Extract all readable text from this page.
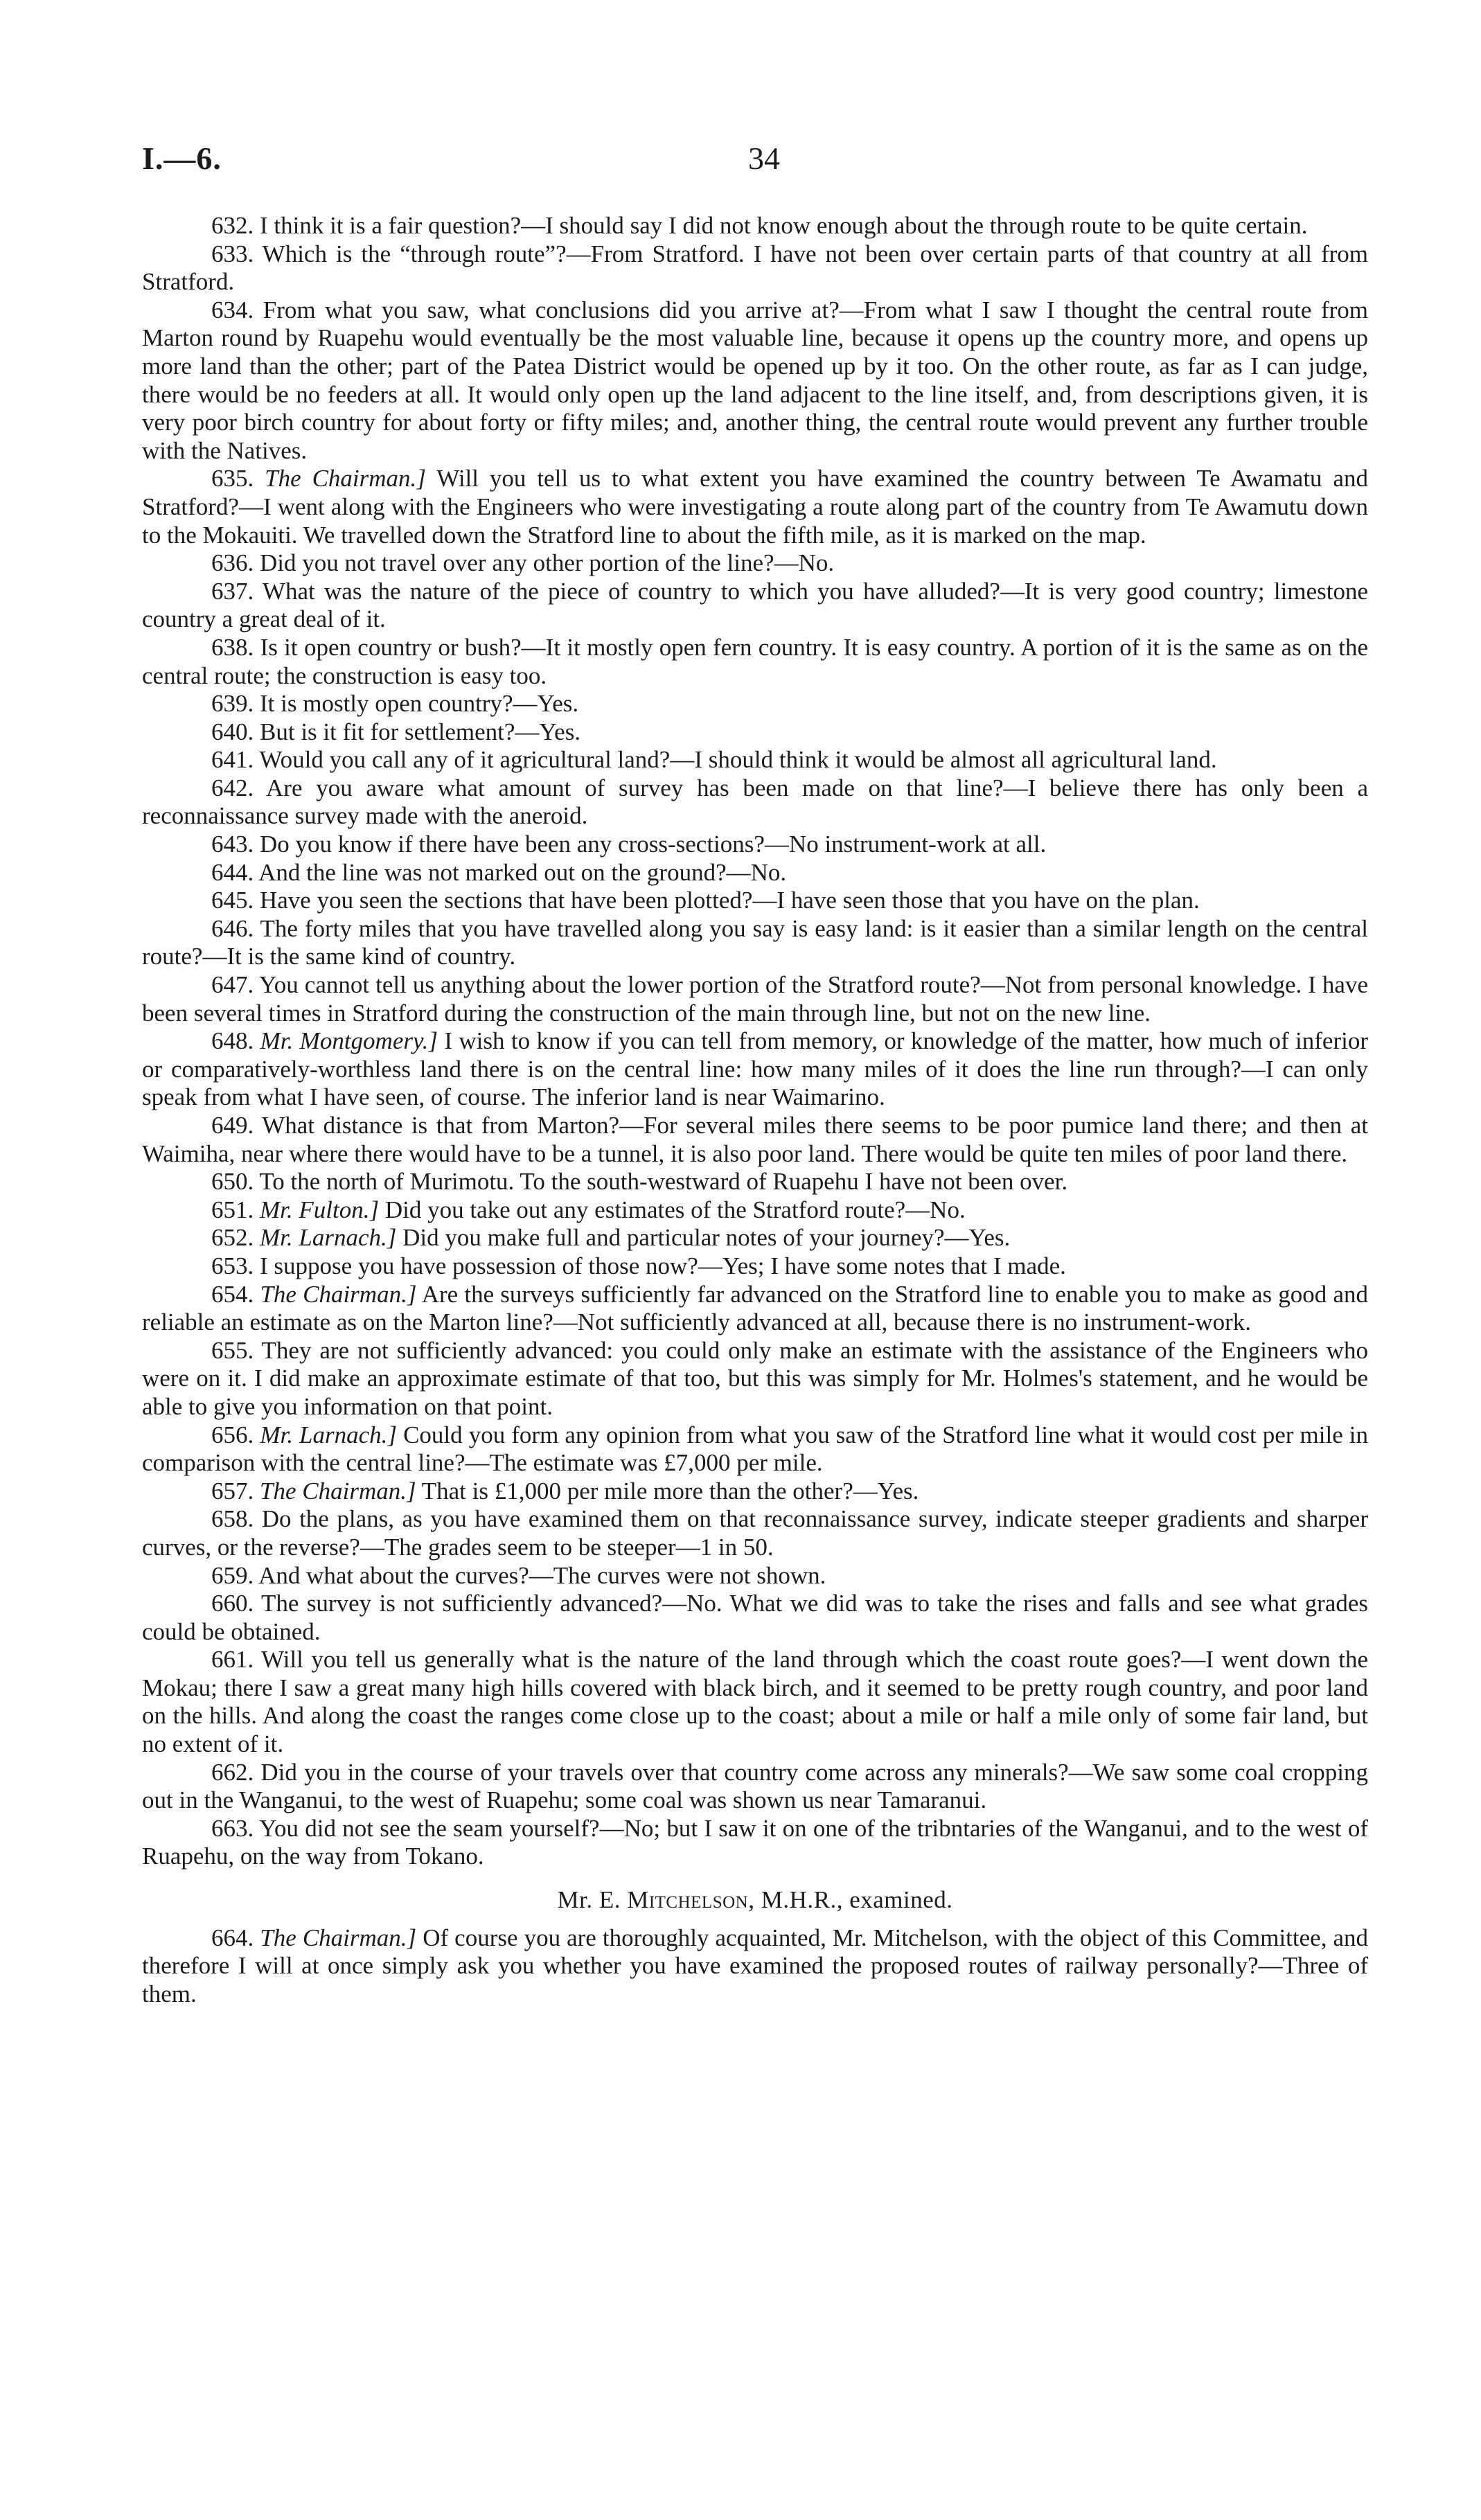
I.—6.	34

632. I think it is a fair question?—I should say I did not know enough about the through route to be quite certain.

633. Which is the “through route”?—From Stratford. I have not been over certain parts of that country at all from Stratford.

634. From what you saw, what conclusions did you arrive at?—From what I saw I thought the central route from Marton round by Ruapehu would eventually be the most valuable line, because it opens up the country more, and opens up more land than the other; part of the Patea District would be opened up by it too. On the other route, as far as I can judge, there would be no feeders at all. It would only open up the land adjacent to the line itself, and, from descriptions given, it is very poor birch country for about forty or fifty miles; and, another thing, the central route would prevent any further trouble with the Natives.

635. The Chairman.] Will you tell us to what extent you have examined the country between Te Awamatu and Stratford?—I went along with the Engineers who were investigating a route along part of the country from Te Awamutu down to the Mokauiti. We travelled down the Stratford line to about the fifth mile, as it is marked on the map.

636. Did you not travel over any other portion of the line?—No.

637. What was the nature of the piece of country to which you have alluded?—It is very good country; limestone country a great deal of it.

638. Is it open country or bush?—It it mostly open fern country. It is easy country. A portion of it is the same as on the central route; the construction is easy too.

639. It is mostly open country?—Yes.

640. But is it fit for settlement?—Yes.

641. Would you call any of it agricultural land?—I should think it would be almost all agricultural land.

642. Are you aware what amount of survey has been made on that line?—I believe there has only been a reconnaissance survey made with the aneroid.

643. Do you know if there have been any cross-sections?—No instrument-work at all.

644. And the line was not marked out on the ground?—No.

645. Have you seen the sections that have been plotted?—I have seen those that you have on the plan.

646. The forty miles that you have travelled along you say is easy land: is it easier than a similar length on the central route?—It is the same kind of country.

647. You cannot tell us anything about the lower portion of the Stratford route?—Not from personal knowledge. I have been several times in Stratford during the construction of the main through line, but not on the new line.

648. Mr. Montgomery.] I wish to know if you can tell from memory, or knowledge of the matter, how much of inferior or comparatively-worthless land there is on the central line: how many miles of it does the line run through?—I can only speak from what I have seen, of course. The inferior land is near Waimarino.

649. What distance is that from Marton?—For several miles there seems to be poor pumice land there; and then at Waimiha, near where there would have to be a tunnel, it is also poor land. There would be quite ten miles of poor land there.

650. To the north of Murimotu. To the south-westward of Ruapehu I have not been over.

651. Mr. Fulton.] Did you take out any estimates of the Stratford route?—No.

652. Mr. Larnach.] Did you make full and particular notes of your journey?—Yes.

653. I suppose you have possession of those now?—Yes; I have some notes that I made.

654. The Chairman.] Are the surveys sufficiently far advanced on the Stratford line to enable you to make as good and reliable an estimate as on the Marton line?—Not sufficiently advanced at all, because there is no instrument-work.

655. They are not sufficiently advanced: you could only make an estimate with the assistance of the Engineers who were on it. I did make an approximate estimate of that too, but this was simply for Mr. Holmes's statement, and he would be able to give you information on that point.

656. Mr. Larnach.] Could you form any opinion from what you saw of the Stratford line what it would cost per mile in comparison with the central line?—The estimate was £7,000 per mile.

657. The Chairman.] That is £1,000 per mile more than the other?—Yes.

658. Do the plans, as you have examined them on that reconnaissance survey, indicate steeper gradients and sharper curves, or the reverse?—The grades seem to be steeper—1 in 50.

659. And what about the curves?—The curves were not shown.

660. The survey is not sufficiently advanced?—No. What we did was to take the rises and falls and see what grades could be obtained.

661. Will you tell us generally what is the nature of the land through which the coast route goes?—I went down the Mokau; there I saw a great many high hills covered with black birch, and it seemed to be pretty rough country, and poor land on the hills. And along the coast the ranges come close up to the coast; about a mile or half a mile only of some fair land, but no extent of it.

662. Did you in the course of your travels over that country come across any minerals?—We saw some coal cropping out in the Wanganui, to the west of Ruapehu; some coal was shown us near Tamaranui.

663. You did not see the seam yourself?—No; but I saw it on one of the tribntaries of the Wanganui, and to the west of Ruapehu, on the way from Tokano.

Mr. E. Mitchelson, M.H.R., examined.

664. The Chairman.] Of course you are thoroughly acquainted, Mr. Mitchelson, with the object of this Committee, and therefore I will at once simply ask you whether you have examined the proposed routes of railway personally?—Three of them.
